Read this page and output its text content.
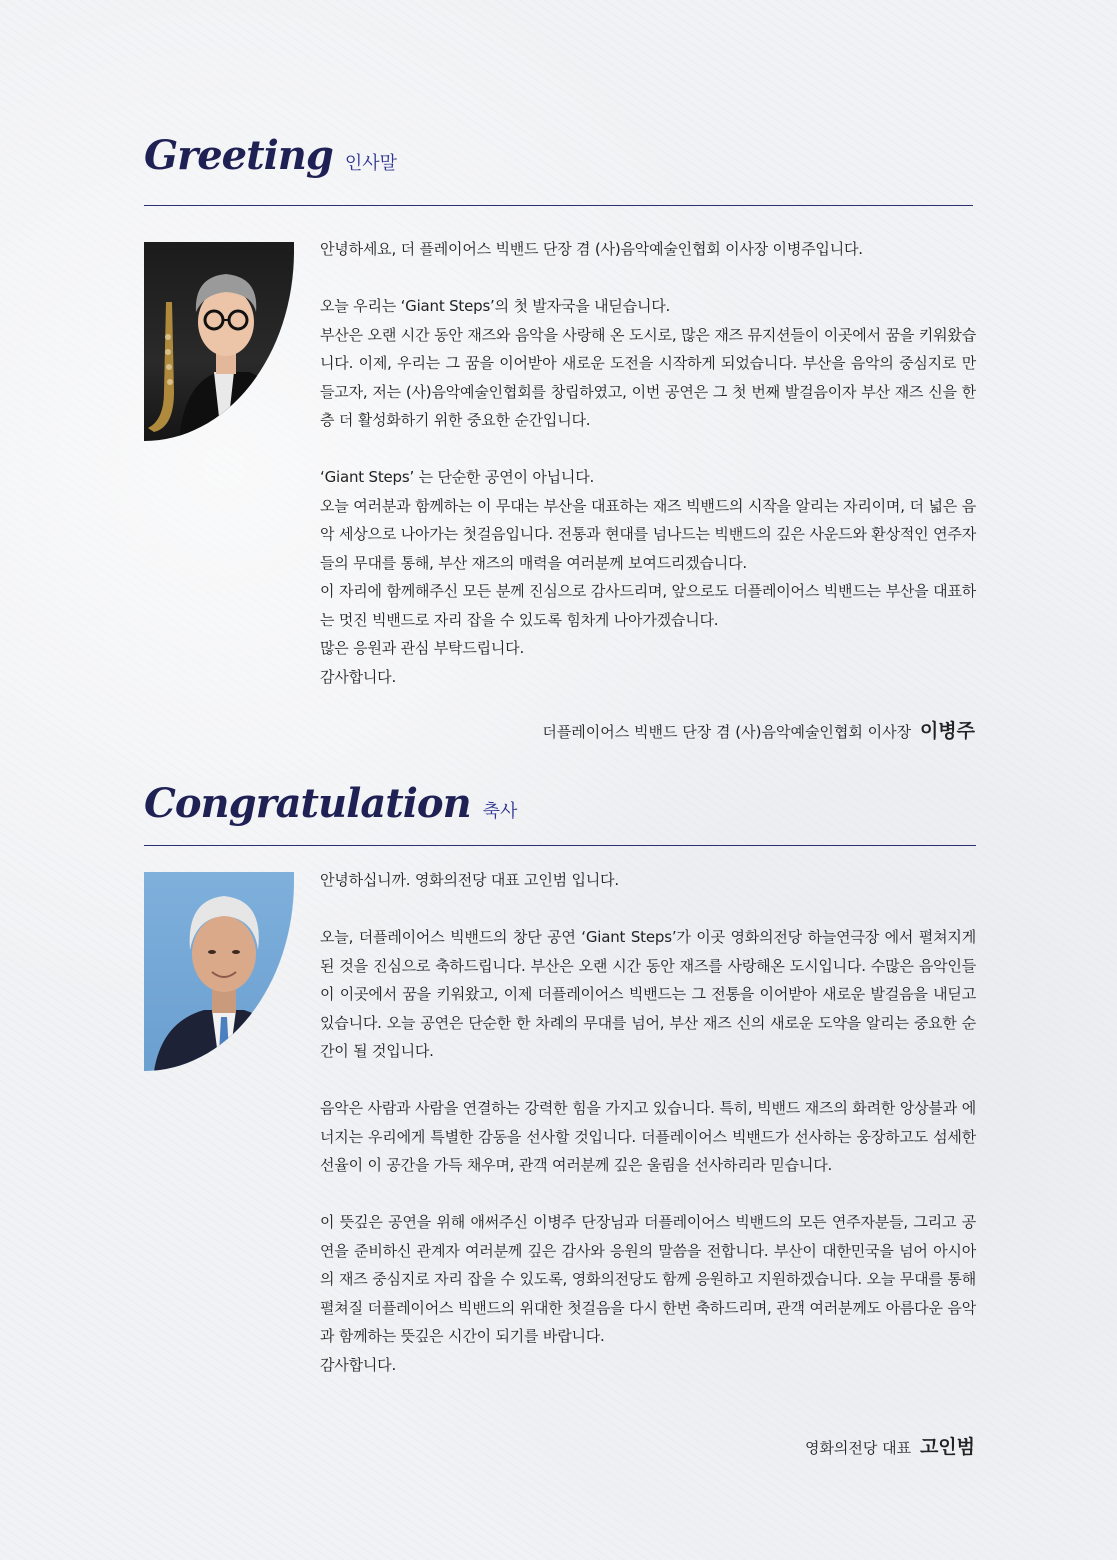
Greeting 인사말

안녕하세요, 더 플레이어스 빅밴드 단장 겸 (사)음악예술인협회 이사장 이병주입니다.

오늘 우리는 ‘Giant Steps’의 첫 발자국을 내딛습니다.

부산은 오랜 시간 동안 재즈와 음악을 사랑해 온 도시로, 많은 재즈 뮤지션들이 이곳에서 꿈을 키워왔습니다. 이제, 우리는 그 꿈을 이어받아 새로운 도전을 시작하게 되었습니다. 부산을 음악의 중심지로 만들고자, 저는 (사)음악예술인협회를 창립하였고, 이번 공연은 그 첫 번째 발걸음이자 부산 재즈 신을 한층 더 활성화하기 위한 중요한 순간입니다.

‘Giant Steps’ 는 단순한 공연이 아닙니다.

오늘 여러분과 함께하는 이 무대는 부산을 대표하는 재즈 빅밴드의 시작을 알리는 자리이며, 더 넓은 음악 세상으로 나아가는 첫걸음입니다. 전통과 현대를 넘나드는 빅밴드의 깊은 사운드와 환상적인 연주자들의 무대를 통해, 부산 재즈의 매력을 여러분께 보여드리겠습니다.

이 자리에 함께해주신 모든 분께 진심으로 감사드리며, 앞으로도 더플레이어스 빅밴드는 부산을 대표하는 멋진 빅밴드로 자리 잡을 수 있도록 힘차게 나아가겠습니다.

많은 응원과 관심 부탁드립니다.

감사합니다.

더플레이어스 빅밴드 단장 겸 (사)음악예술인협회 이사장 이병주
Congratulation 축사

안녕하십니까. 영화의전당 대표 고인범 입니다.

오늘, 더플레이어스 빅밴드의 창단 공연 ‘Giant Steps’가 이곳 영화의전당 하늘연극장 에서 펼쳐지게 된 것을 진심으로 축하드립니다. 부산은 오랜 시간 동안 재즈를 사랑해온 도시입니다. 수많은 음악인들이 이곳에서 꿈을 키워왔고, 이제 더플레이어스 빅밴드는 그 전통을 이어받아 새로운 발걸음을 내딛고 있습니다. 오늘 공연은 단순한 한 차례의 무대를 넘어, 부산 재즈 신의 새로운 도약을 알리는 중요한 순간이 될 것입니다.

음악은 사람과 사람을 연결하는 강력한 힘을 가지고 있습니다. 특히, 빅밴드 재즈의 화려한 앙상블과 에너지는 우리에게 특별한 감동을 선사할 것입니다. 더플레이어스 빅밴드가 선사하는 웅장하고도 섬세한 선율이 이 공간을 가득 채우며, 관객 여러분께 깊은 울림을 선사하리라 믿습니다.

이 뜻깊은 공연을 위해 애써주신 이병주 단장님과 더플레이어스 빅밴드의 모든 연주자분들, 그리고 공연을 준비하신 관계자 여러분께 깊은 감사와 응원의 말씀을 전합니다. 부산이 대한민국을 넘어 아시아의 재즈 중심지로 자리 잡을 수 있도록, 영화의전당도 함께 응원하고 지원하겠습니다. 오늘 무대를 통해 펼쳐질 더플레이어스 빅밴드의 위대한 첫걸음을 다시 한번 축하드리며, 관객 여러분께도 아름다운 음악과 함께하는 뜻깊은 시간이 되기를 바랍니다.

감사합니다.

영화의전당 대표 고인범
